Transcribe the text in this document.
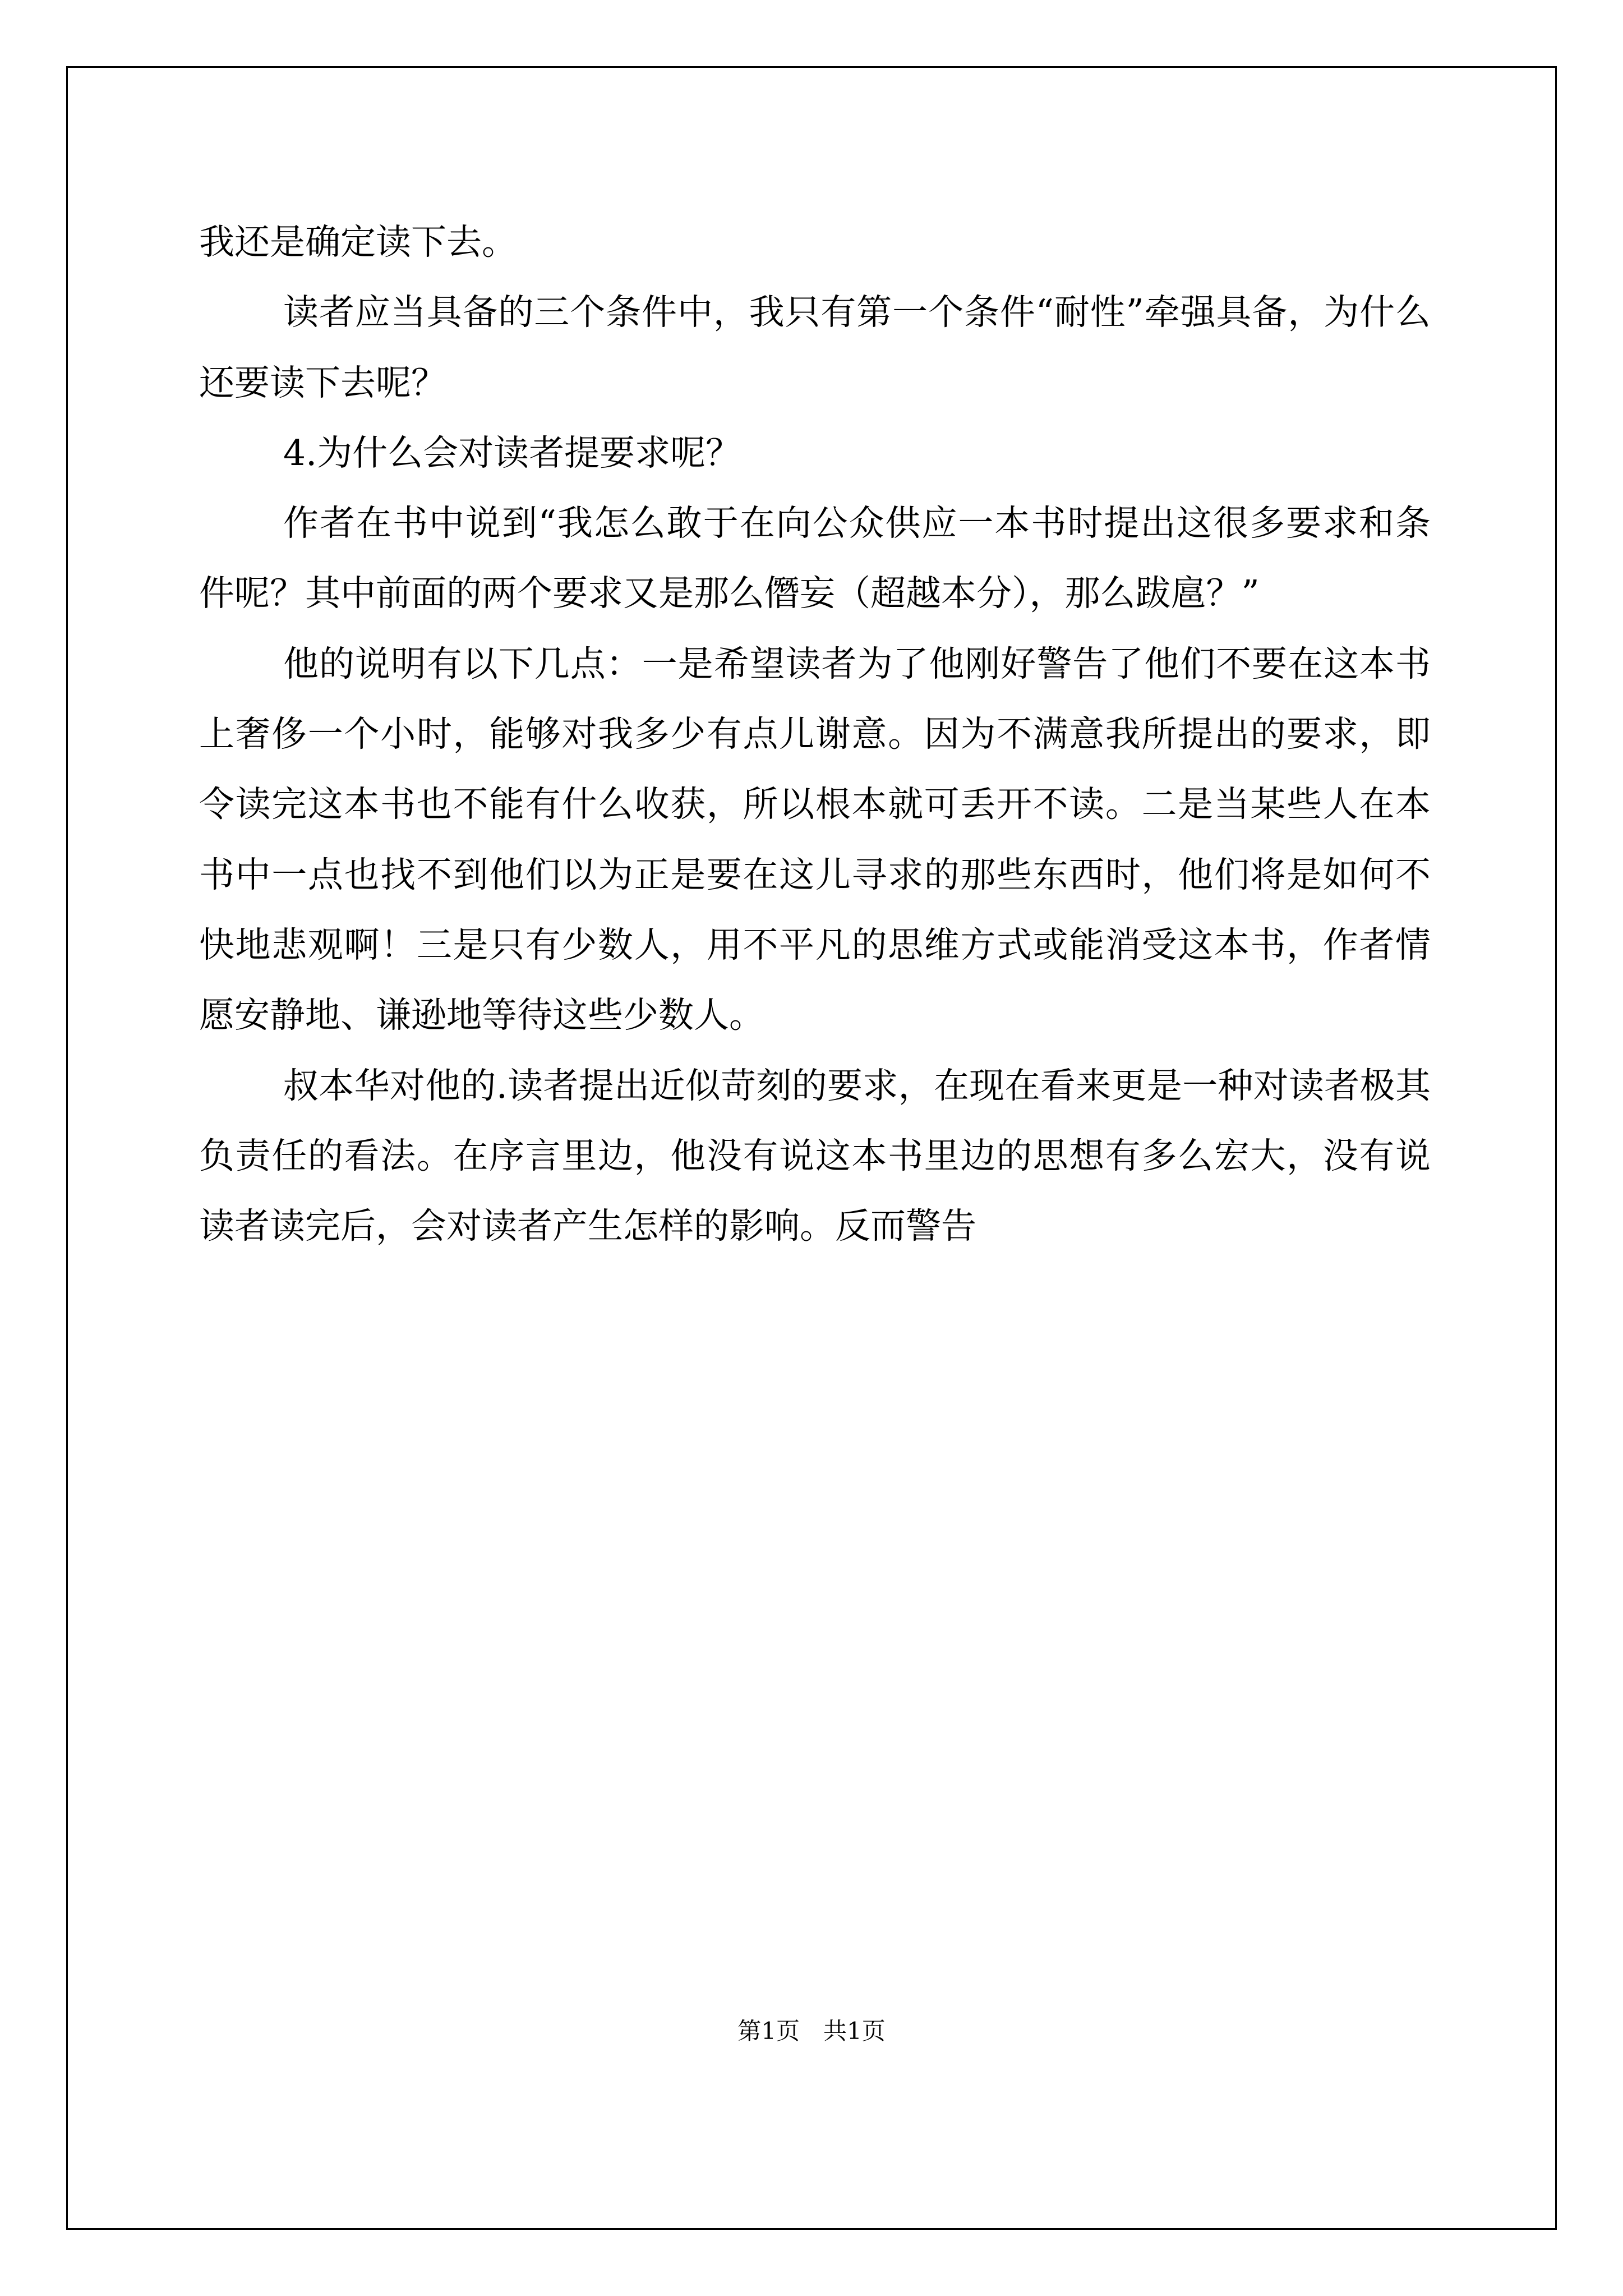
我还是确定读下去。

读者应当具备的三个条件中，我只有第一个条件“耐性”牵强具备，为什么还要读下去呢？

4.为什么会对读者提要求呢？

作者在书中说到“我怎么敢于在向公众供应一本书时提出这很多要求和条件呢？其中前面的两个要求又是那么僭妄（超越本分），那么跋扈？”

他的说明有以下几点：一是希望读者为了他刚好警告了他们不要在这本书上奢侈一个小时，能够对我多少有点儿谢意。因为不满意我所提出的要求，即令读完这本书也不能有什么收获，所以根本就可丢开不读。二是当某些人在本书中一点也找不到他们以为正是要在这儿寻求的那些东西时，他们将是如何不快地悲观啊！三是只有少数人，用不平凡的思维方式或能消受这本书，作者情愿安静地、谦逊地等待这些少数人。

叔本华对他的.读者提出近似苛刻的要求，在现在看来更是一种对读者极其负责任的看法。在序言里边，他没有说这本书里边的思想有多么宏大，没有说读者读完后，会对读者产生怎样的影响。反而警告

第1页 共1页
